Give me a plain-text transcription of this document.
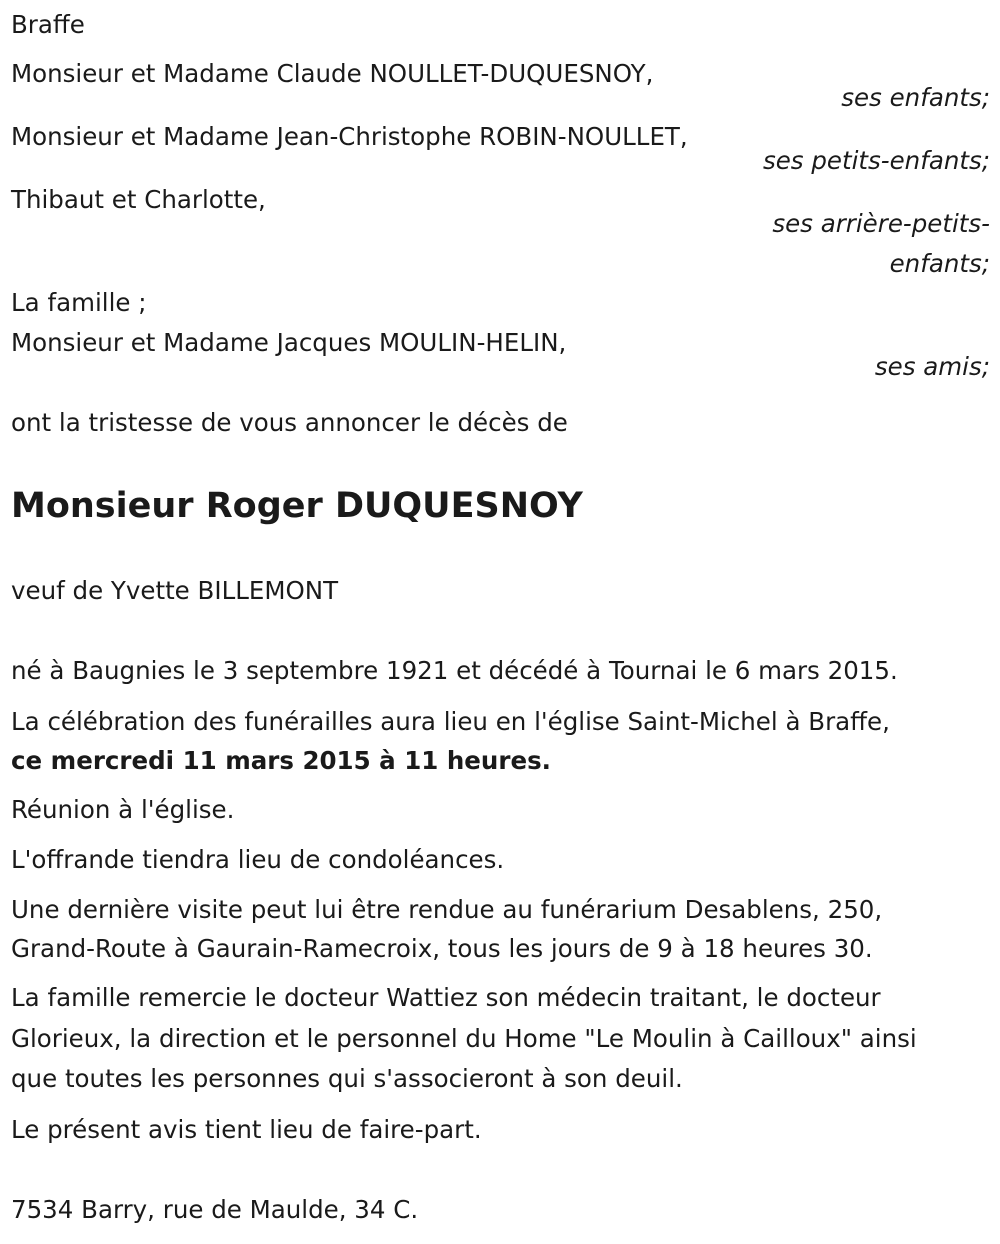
Braffe
Monsieur et Madame Claude NOULLET-DUQUESNOY,
ses enfants;
Monsieur et Madame Jean-Christophe ROBIN-NOULLET,
ses petits-enfants;
Thibaut et Charlotte,
ses arrière-petits-
enfants;
La famille ;
Monsieur et Madame Jacques MOULIN-HELIN,
ses amis;
ont la tristesse de vous annoncer le décès de
Monsieur Roger DUQUESNOY
veuf de Yvette BILLEMONT
né à Baugnies le 3 septembre 1921 et décédé à Tournai le 6 mars 2015.
La célébration des funérailles aura lieu en l'église Saint-Michel à Braffe,
ce mercredi 11 mars 2015 à 11 heures.
Réunion à l'église.
L'offrande tiendra lieu de condoléances.
Une dernière visite peut lui être rendue au funérarium Desablens, 250,
Grand-Route à Gaurain-Ramecroix, tous les jours de 9 à 18 heures 30.
La famille remercie le docteur Wattiez son médecin traitant, le docteur
Glorieux, la direction et le personnel du Home "Le Moulin à Cailloux" ainsi
que toutes les personnes qui s'associeront à son deuil.
Le présent avis tient lieu de faire-part.
7534 Barry, rue de Maulde, 34 C.
